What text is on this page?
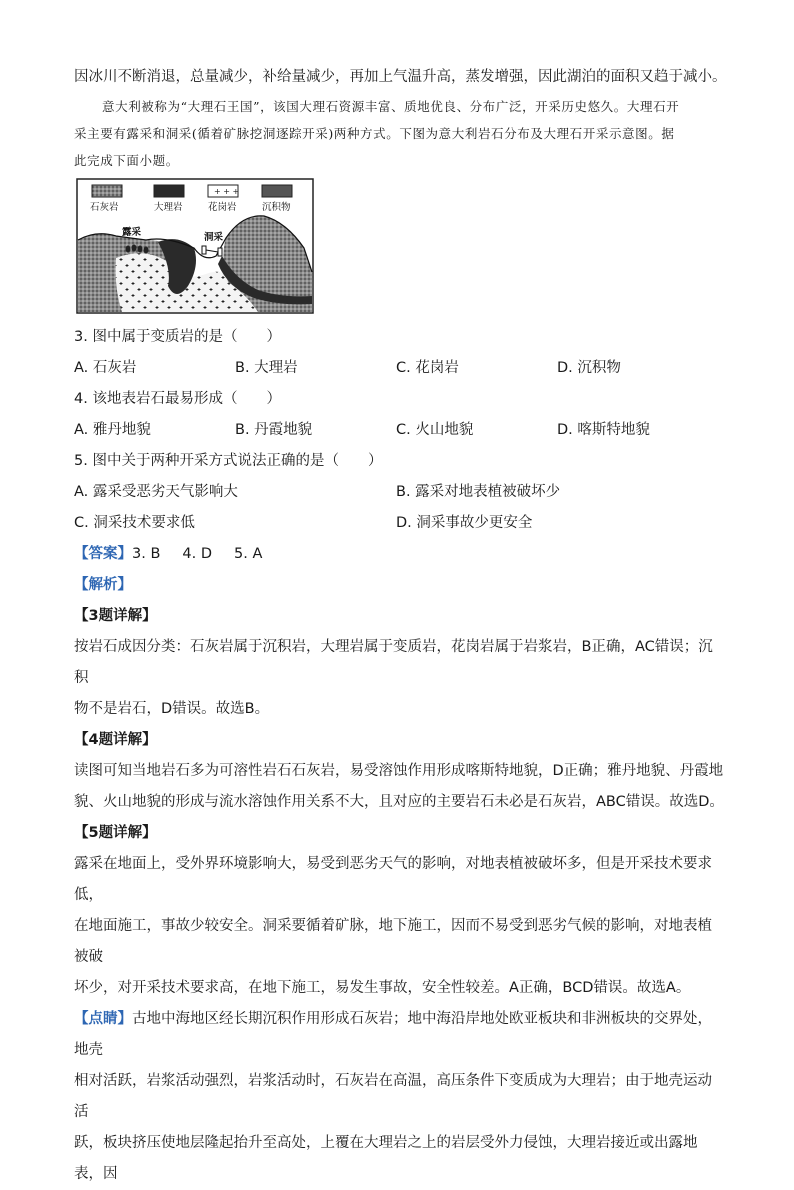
因冰川不断消退，总量减少，补给量减少，再加上气温升高，蒸发增强，因此湖泊的面积又趋于减小。
意大利被称为“大理石王国”，该国大理石资源丰富、质地优良、分布广泛，开采历史悠久。大理石开
采主要有露采和洞采(循着矿脉挖洞逐踪开采)两种方式。下图为意大利岩石分布及大理石开采示意图。据
此完成下面小题。
+ + +
石灰岩	大理岩	花岗岩	沉积物
露采	洞采
3. 图中属于变质岩的是（　　）
A. 石灰岩	B. 大理岩	C. 花岗岩	D. 沉积物
4. 该地表岩石最易形成（　　）
A. 雅丹地貌	B. 丹霞地貌	C. 火山地貌	D. 喀斯特地貌
5. 图中关于两种开采方式说法正确的是（　　）
A. 露采受恶劣天气影响大	B. 露采对地表植被破坏少
C. 洞采技术要求低	D. 洞采事故少更安全
【答案】3. B 4. D 5. A
【解析】
【3题详解】
按岩石成因分类：石灰岩属于沉积岩，大理岩属于变质岩，花岗岩属于岩浆岩，B正确，AC错误；沉积
物不是岩石，D错误。故选B。
【4题详解】
读图可知当地岩石多为可溶性岩石石灰岩，易受溶蚀作用形成喀斯特地貌，D正确；雅丹地貌、丹霞地
貌、火山地貌的形成与流水溶蚀作用关系不大，且对应的主要岩石未必是石灰岩，ABC错误。故选D。
【5题详解】
露采在地面上，受外界环境影响大，易受到恶劣天气的影响，对地表植被破坏多，但是开采技术要求低，
在地面施工，事故少较安全。洞采要循着矿脉，地下施工，因而不易受到恶劣气候的影响，对地表植被破
坏少，对开采技术要求高，在地下施工，易发生事故，安全性较差。A正确，BCD错误。故选A。
【点睛】古地中海地区经长期沉积作用形成石灰岩；地中海沿岸地处欧亚板块和非洲板块的交界处，地壳
相对活跃，岩浆活动强烈，岩浆活动时，石灰岩在高温，高压条件下变质成为大理岩；由于地壳运动活
跃，板块挤压使地层隆起抬升至高处，上覆在大理岩之上的岩层受外力侵蚀，大理岩接近或出露地表，因
